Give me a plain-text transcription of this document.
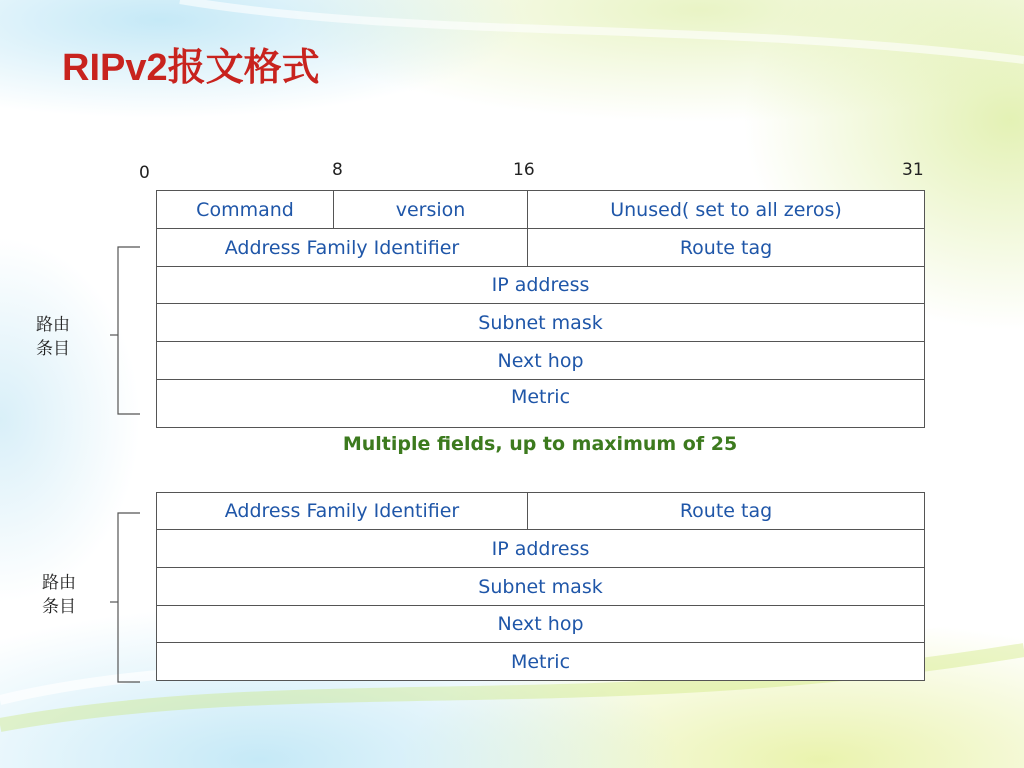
RIPv2报文格式
0	8	16	31
Command	version	Unused( set to all zeros)
Address Family Identifier		Route tag
IP address		
Subnet mask		
Next hop		
Metric		
路由
条目
Multiple fields, up to maximum of 25
Address Family Identifier	Route tag
IP address
Subnet mask
Next hop
Metric
路由
条目
